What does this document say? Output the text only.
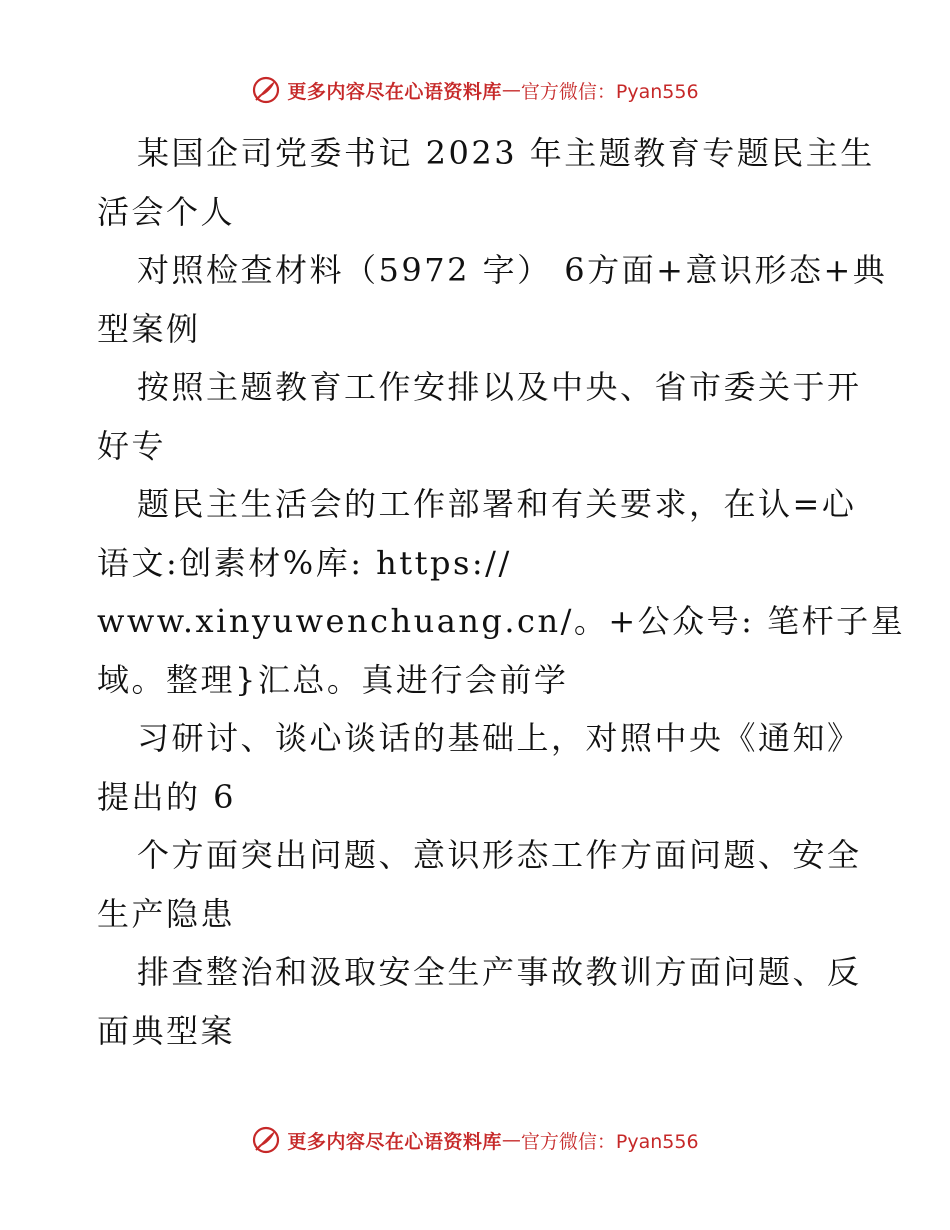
更多内容尽在心语资料库 — 官方微信：Pyan556
某国企司党委书记 2023 年主题教育专题民主生
活会个人
对照检查材料（5972 字） 6方面+意识形态+典
型案例
按照主题教育工作安排以及中央、省市委关于开
好专
题民主生活会的工作部署和有关要求，在认=心
语文:创素材%库: https://
www.xinyuwenchuang.cn/。+公众号: 笔杆子星
域。整理}汇总。真进行会前学
习研讨、谈心谈话的基础上，对照中央《通知》
提出的 6
个方面突出问题、意识形态工作方面问题、安全
生产隐患
排查整治和汲取安全生产事故教训方面问题、反
面典型案
更多内容尽在心语资料库 — 官方微信：Pyan556
